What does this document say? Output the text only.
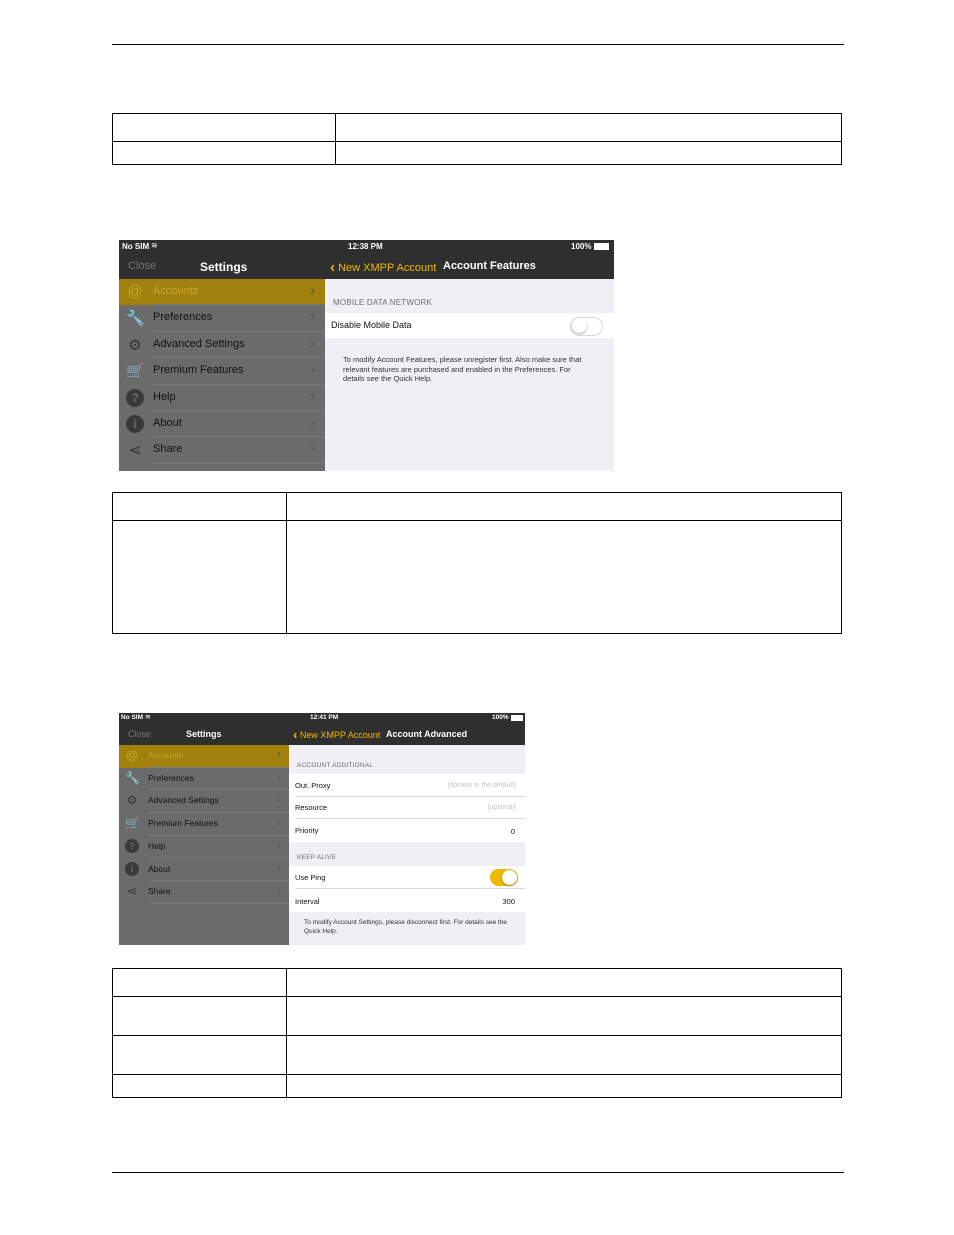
No SIM ≋
Close	Settings
@ Accounts	›
🔧 Preferences	›
⚙ Advanced Settings	›
🛒 Premium Features	›
?	Help	›
i	About	›
⋖ Share	›
12:38 PM	100%
‹ New XMPP Account Account Features
MOBILE DATA NETWORK
Disable Mobile Data
To modify Account Features, please unregister first. Also make sure that relevant features are purchased and enabled in the Preferences. For details see the Quick Help.

No SIM ≋
Close	Settings
@ Accounts	›
🔧 Preferences	›
⚙ Advanced Settings	›
🛒 Premium Features	›
?	Help	›
i	About	›
⋖ Share	›
12:41 PM	100%
‹ New XMPP Account Account Advanced
ACCOUNT ADDITIONAL
Out. Proxy	[domain is the default]
Resource	[optional]
Priority	0
KEEP ALIVE
Use Ping
Interval	300
To modify Account Settings, please disconnect first. For details see the Quick Help.
